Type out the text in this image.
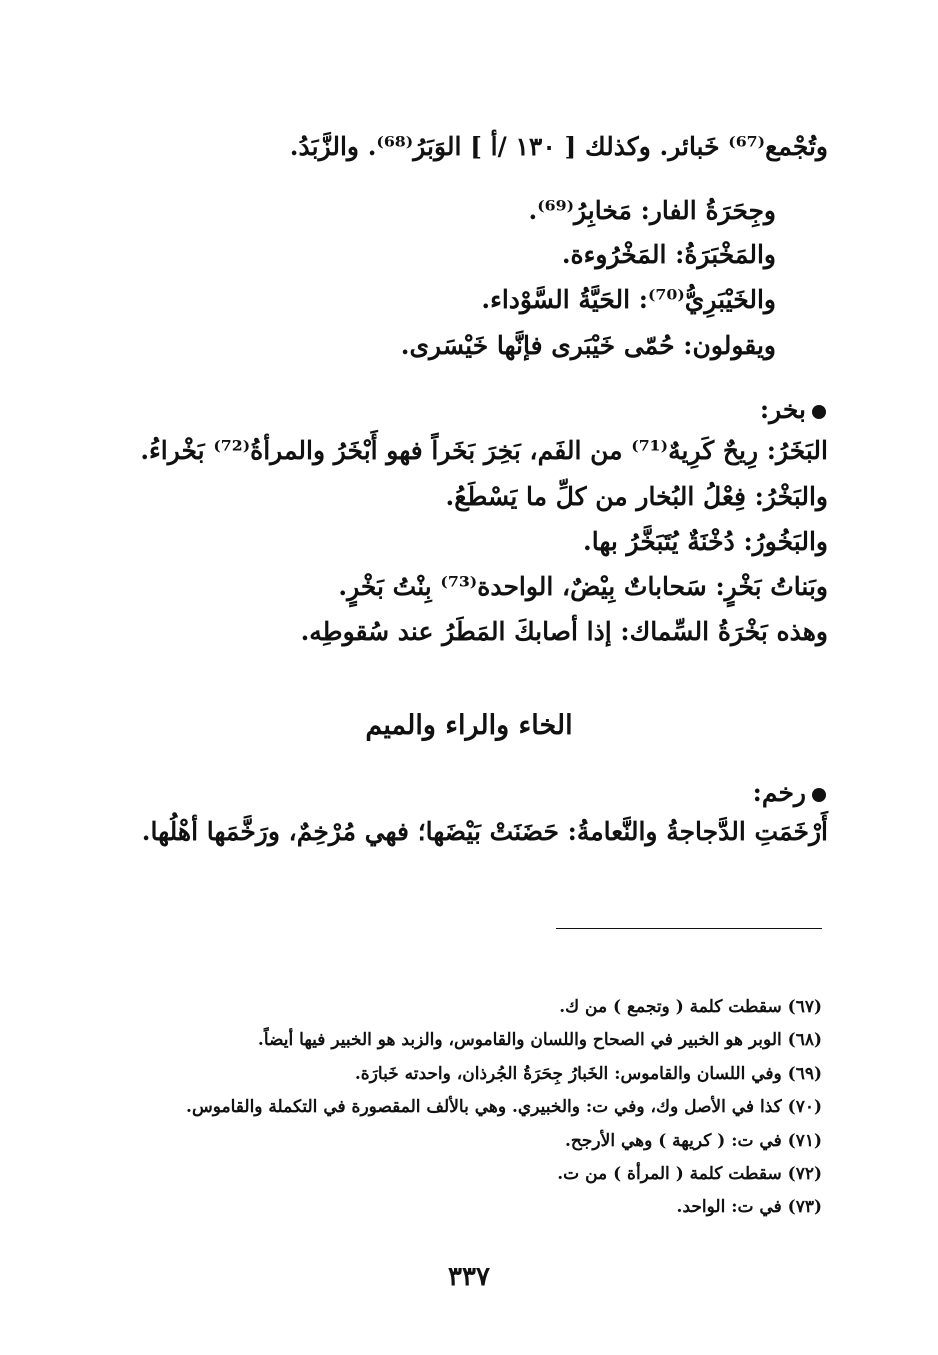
وتُجْمع⁽⁶⁷⁾ خَبائر. وكذلك [ ١٣٠ /أ ] الوَبَرُ⁽⁶⁸⁾. والزَّبَدُ.
وجِحَرَةُ الفار: مَخابِرُ⁽⁶⁹⁾.
والمَخْبَرَةُ: المَخْرُوءة.
والخَيْبَرِيُّ⁽⁷⁰⁾: الحَيَّةُ السَّوْداء.
ويقولون: حُمّى خَيْبَرى فإنَّها خَيْسَرى.
بخر:
البَخَرُ: رِيحٌ كَرِيهٌ⁽⁷¹⁾ من الفَم، بَخِرَ بَخَراً فهو أَبْخَرُ والمرأةُ⁽⁷²⁾ بَخْراءُ.
والبَخْرُ: فِعْلُ البُخار من كلِّ ما يَسْطَعُ.
والبَخُورُ: دُخْنَةٌ يُتَبَخَّرُ بها.
وبَناتُ بَخْرٍ: سَحاباتٌ بِيْضٌ، الواحدة⁽⁷³⁾ بِنْتُ بَخْرٍ.
وهذه بَخْرَةُ السِّماك: إذا أصابكَ المَطَرُ عند سُقوطِه.
الخاء والراء والميم
رخم:
أَرْخَمَتِ الدَّجاجةُ والنَّعامةُ: حَضَنَتْ بَيْضَها؛ فهي مُرْخِمٌ، ورَخَّمَها أهْلُها.
(٦٧) سقطت كلمة ( وتجمع ) من ك.
(٦٨) الوبر هو الخبير في الصحاح واللسان والقاموس، والزبد هو الخبير فيها أيضاً.
(٦٩) وفي اللسان والقاموس: الخَبارُ جِحَرَةُ الجُرذان، واحدته خَبارَة.
(٧٠) كذا في الأصل وك، وفي ت: والخبيري. وهي بالألف المقصورة في التكملة والقاموس.
(٧١) في ت: ( كريهة ) وهي الأرجح.
(٧٢) سقطت كلمة ( المرأة ) من ت.
(٧٣) في ت: الواحد.
٣٣٧
